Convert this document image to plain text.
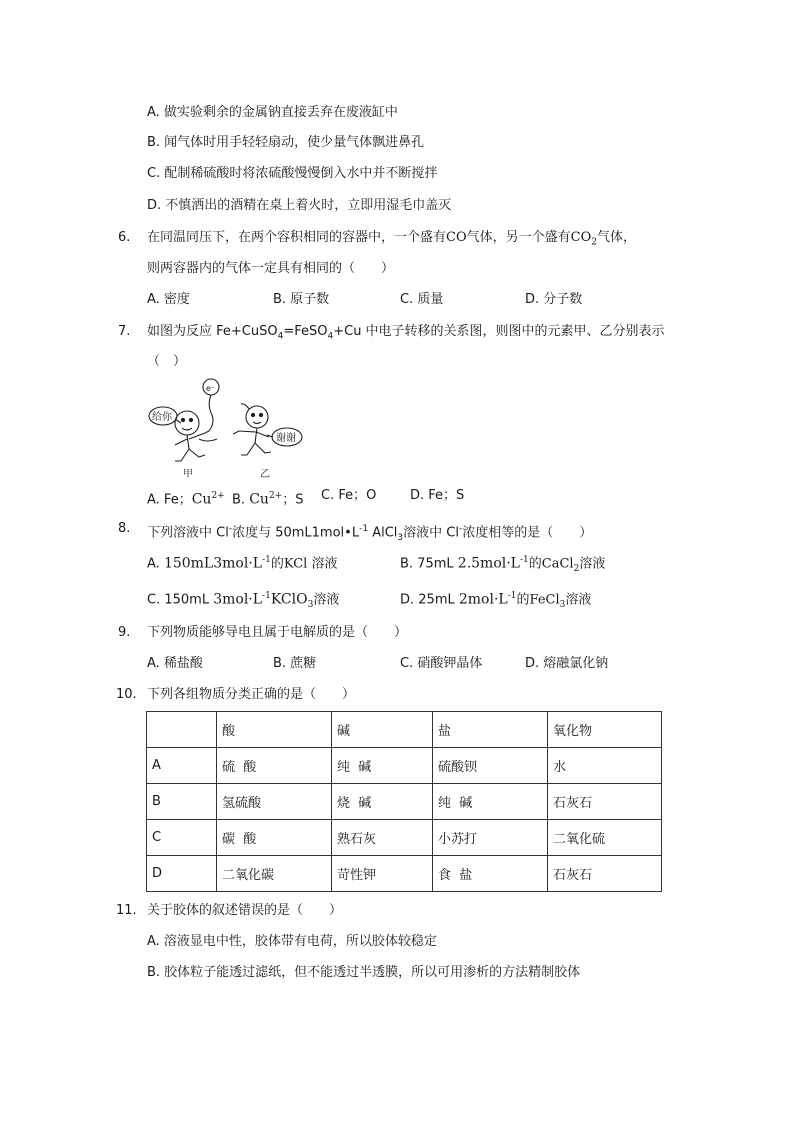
A. 做实验剩余的金属钠直接丢弃在废液缸中
B. 闻气体时用手轻轻扇动，使少量气体飘进鼻孔
C. 配制稀硫酸时将浓硫酸慢慢倒入水中并不断搅拌
D. 不慎洒出的酒精在桌上着火时，立即用湿毛巾盖灭
6. 在同温同压下，在两个容积相同的容器中，一个盛有CO气体，另一个盛有$CO_2$气体，
则两容器内的气体一定具有相同的（　　）
A. 密度	B. 原子数	C. 质量	D. 分子数
7. 如图为反应 Fe+CuSO$_4$=FeSO$_4$+Cu 中电子转移的关系图，则图中的元素甲、乙分别表示
（　）
e⁻
给你
谢谢
甲	乙
A. Fe；$Cu^{2+}$ B. $Cu^{2+}$；S C. Fe；O	D. Fe；S
8. 下列溶液中 Cl-浓度与 $50mL1mol•L^{-1}$ AlCl$_3$溶液中 Cl-浓度相等的是（　　）
A. $150mL3mol\cdot L^{-1}$的KCl 溶液	B. 75mL $2.5mol\cdot L^{-1}$的CaCl$_2$溶液
C. 150mL $3mol\cdot L^{-1}KClO_3$溶液	D. 25mL $2mol\cdot L^{-1}$的FeCl$_3$溶液
9. 下列物质能够导电且属于电解质的是（　　）
A. 稀盐酸	B. 蔗糖	C. 硝酸钾晶体	D. 熔融氯化钠
10. 下列各组物质分类正确的是（　　）
	酸	碱	盐	氧化物
A	硫  酸	纯  碱	硫酸钡	水
B	氢硫酸	烧  碱	纯  碱	石灰石
C	碳  酸	熟石灰	小苏打	二氧化硫
D	二氧化碳	苛性钾	食  盐	石灰石
11. 关于胶体的叙述错误的是（　　）
A. 溶液显电中性，胶体带有电荷，所以胶体较稳定
B. 胶体粒子能透过滤纸，但不能透过半透膜，所以可用渗析的方法精制胶体
